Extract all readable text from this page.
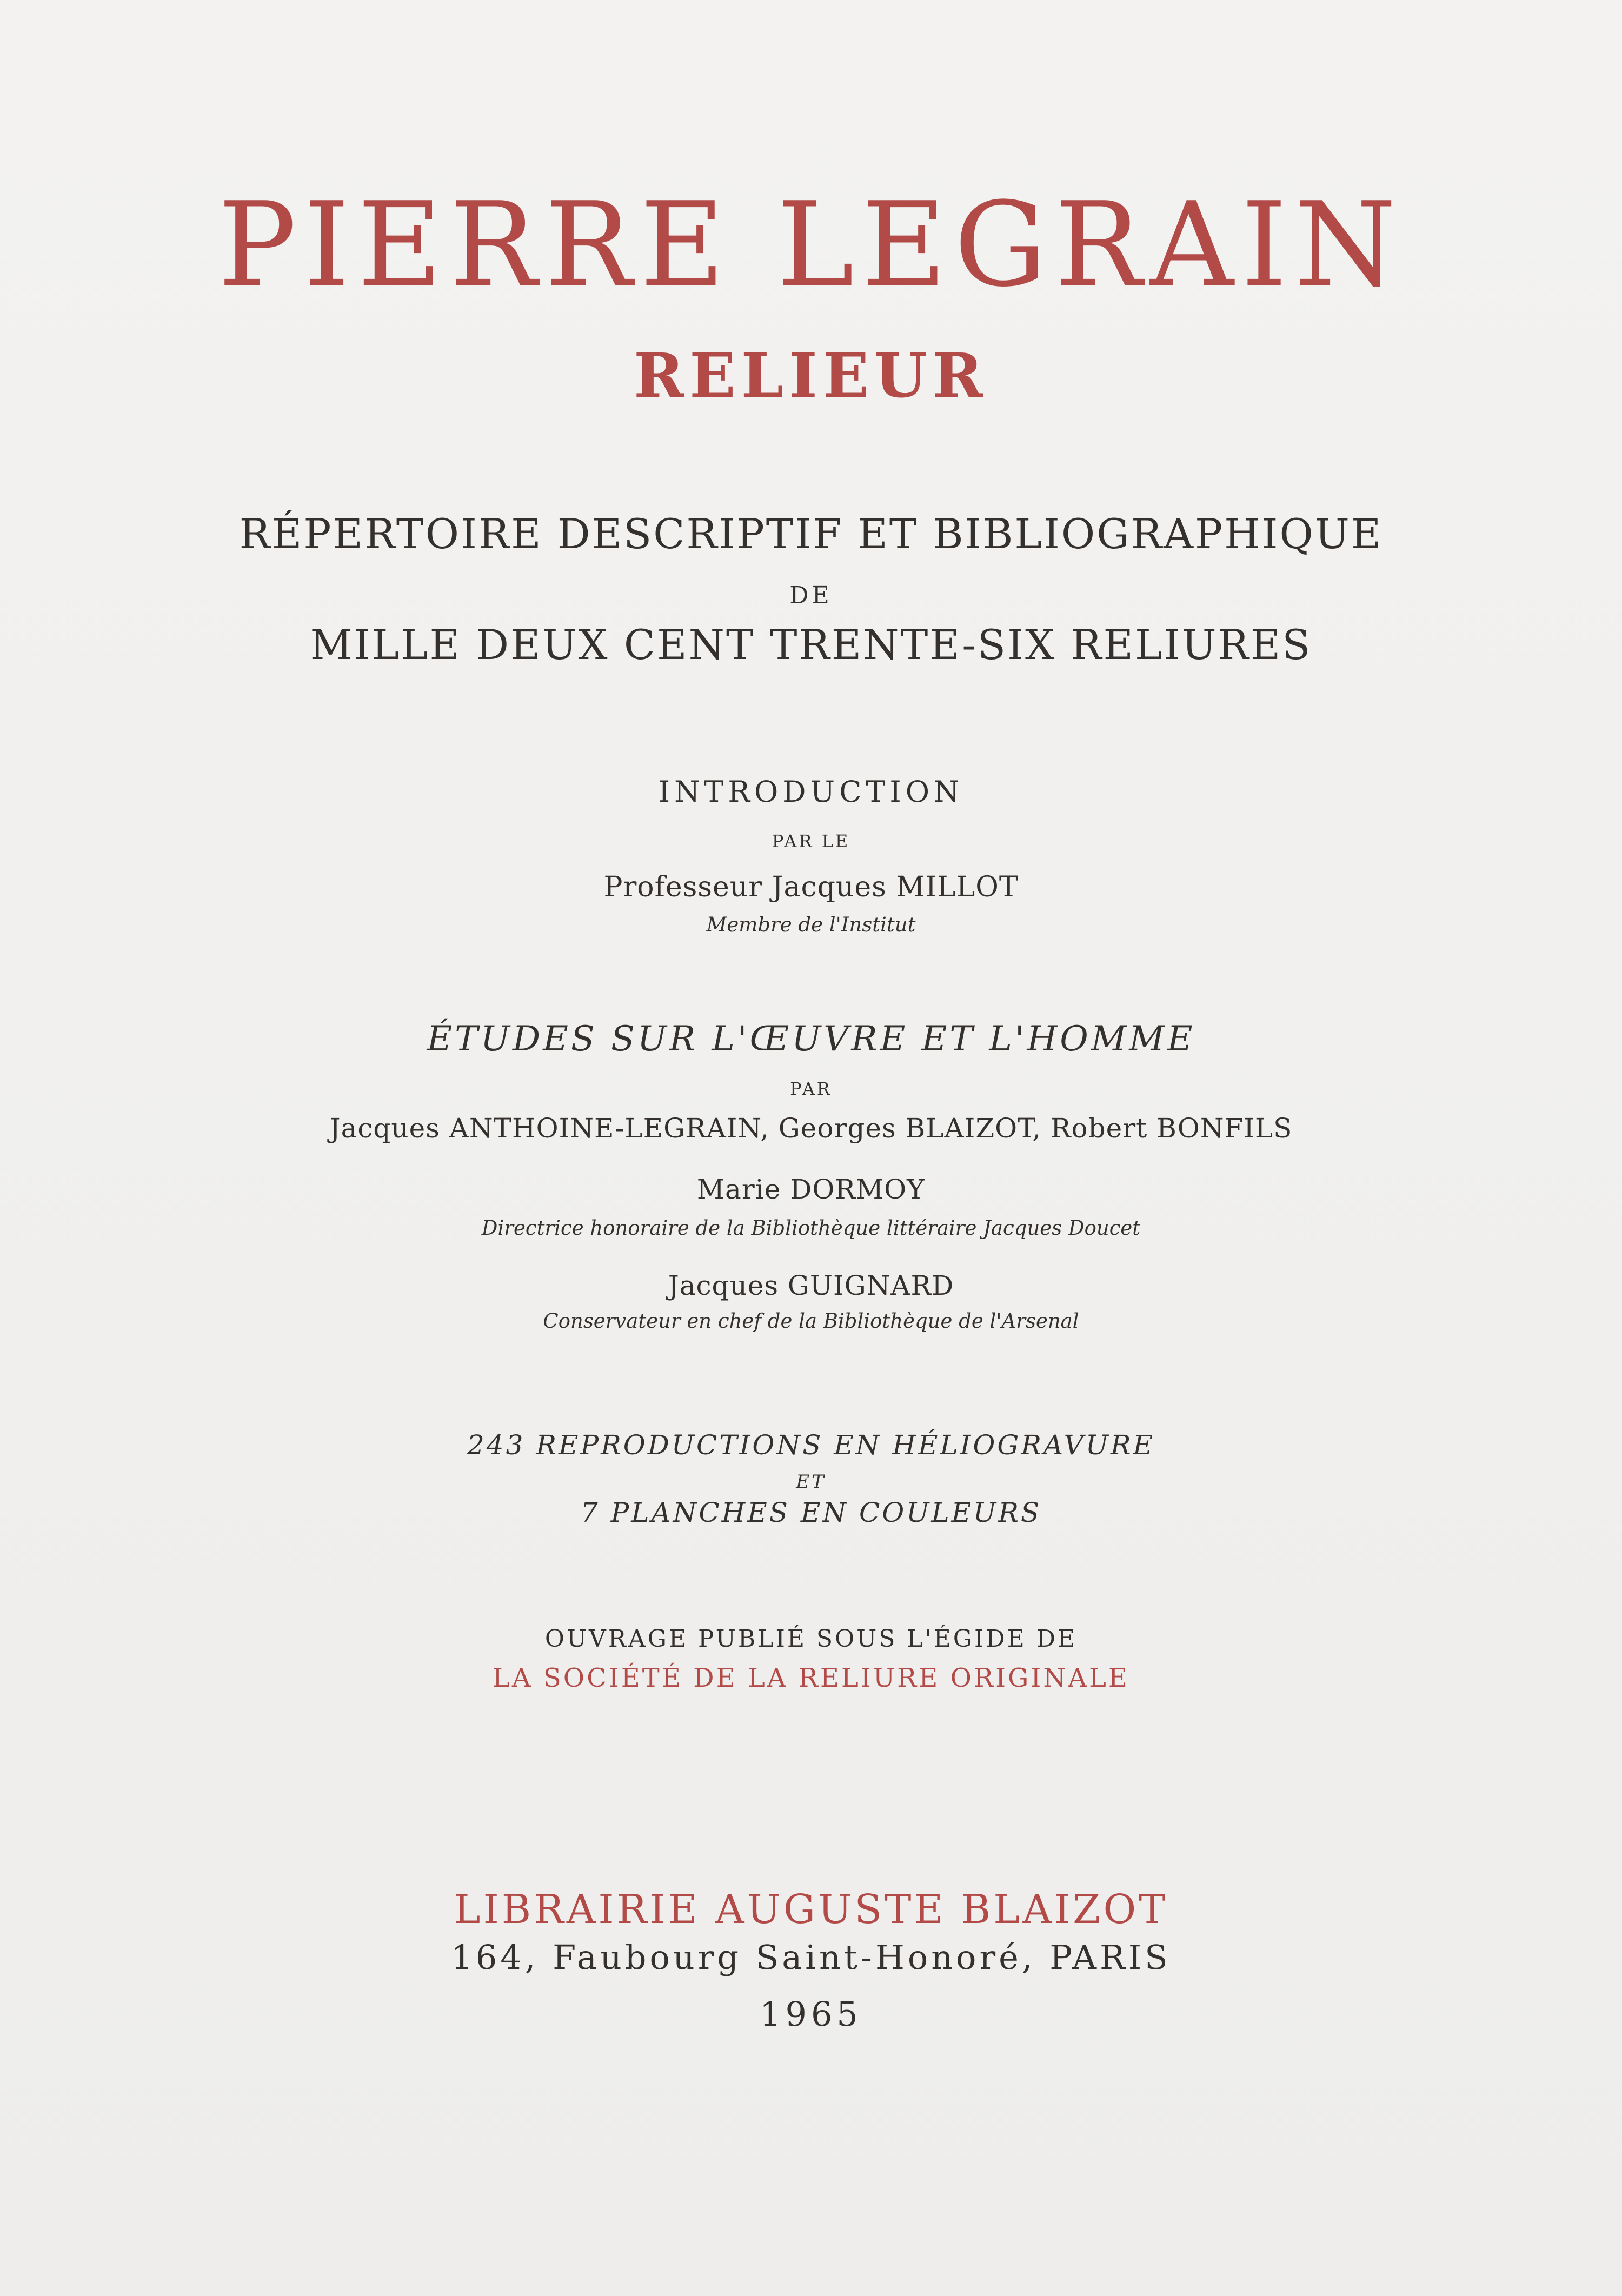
PIERRE LEGRAIN
RELIEUR

RÉPERTOIRE DESCRIPTIF ET BIBLIOGRAPHIQUE

DE

MILLE DEUX CENT TRENTE-SIX RELIURES

INTRODUCTION

PAR LE

Professeur Jacques MILLOT

Membre de l'Institut

ÉTUDES SUR L'ŒUVRE ET L'HOMME

PAR

Jacques ANTHOINE-LEGRAIN, Georges BLAIZOT, Robert BONFILS

Marie DORMOY

Directrice honoraire de la Bibliothèque littéraire Jacques Doucet

Jacques GUIGNARD

Conservateur en chef de la Bibliothèque de l'Arsenal

243 REPRODUCTIONS EN HÉLIOGRAVURE

ET

7 PLANCHES EN COULEURS

OUVRAGE PUBLIÉ SOUS L'ÉGIDE DE

LA SOCIÉTÉ DE LA RELIURE ORIGINALE

LIBRAIRIE AUGUSTE BLAIZOT

164, Faubourg Saint-Honoré, PARIS

1965
